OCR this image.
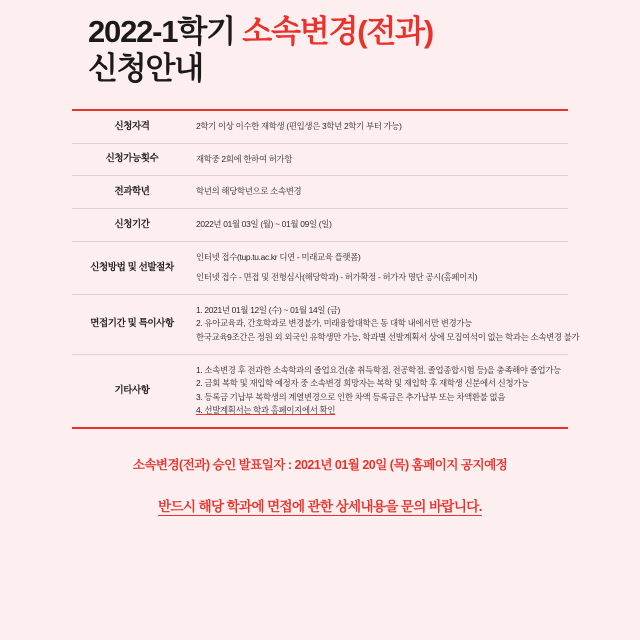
2022-1학기 소속변경(전과)
신청안내
신청자격	2학기 이상 이수한 재학생 (편입생은 3학년 2학기 부터 가능)

신청가능횟수	재학중 2회에 한하여 허가함

전과학년	학년의 해당학년으로 소속변경

신청기간	2022년 01월 03일 (월) ~ 01월 09일 (일)

신청방법 및 선발절차	인터넷 접수(tup.tu.ac.kr 디연 - 미래교육 플랫폼)
인터넷 접수 - 면접 및 전형심사(해당학과) - 허가확정 - 허가자 명단 공시(홈페이지)

면접기간 및 특이사항	1. 2021년 01월 12일 (수) ~ 01월 14일 (금)
2. 유아교육과, 간호학과로 변경불가, 미래융합대학은 동 대학 내에서만 변경가능
한국교육9조간은 정원 외 외국인 유학생만 가능, 학과별 선발계획서 상에 모집여석이 없는 학과는 소속변경 불가

기타사항	1. 소속변경 후 전과한 소속학과의 졸업요건(총 취득학점, 전공학점, 졸업종합시험 등)을 충족해야 졸업가능
2. 금회 복학 및 재입학 예정자 중 소속변경 희망자는 복학 및 재입학 후 재학생 신분에서 신청가능
3. 등록금 기납부 복학생의 계열변경으로 인한 차액 등록금은 추가납부 또는 차액환불 없음
4. 선발계획서는 학과 홈페이지에서 확인
소속변경(전과) 승인 발표일자 : 2021년 01월 20일 (목) 홈페이지 공지예정
반드시 해당 학과에 면접에 관한 상세내용을 문의 바랍니다.
